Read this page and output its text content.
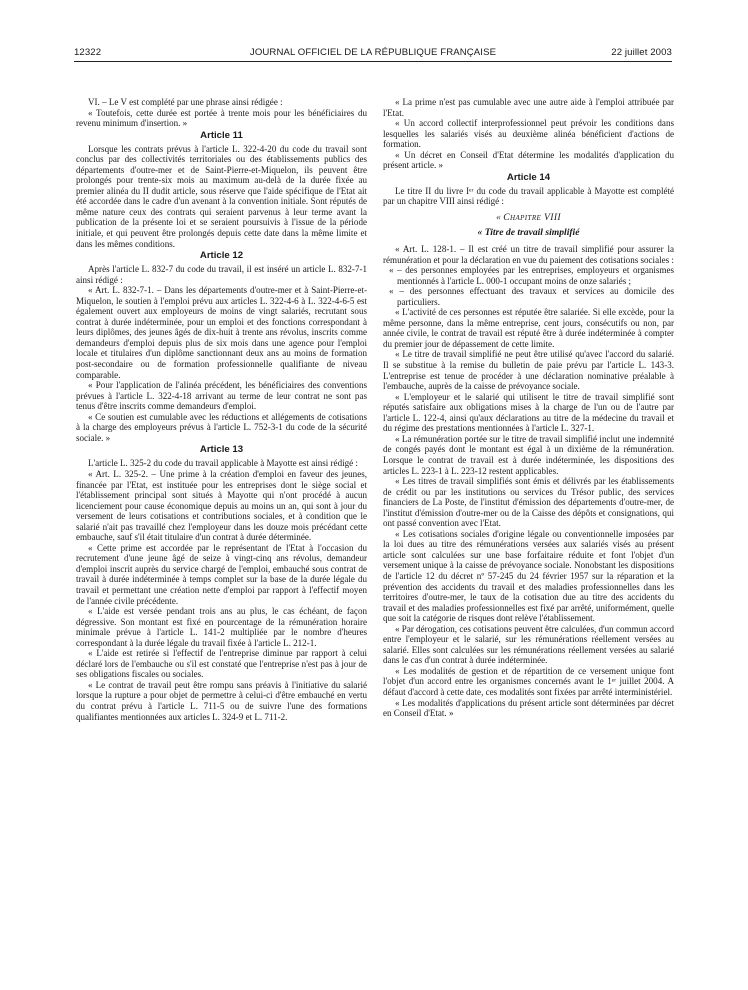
12322	JOURNAL OFFICIEL DE LA RÉPUBLIQUE FRANÇAISE	22 juillet 2003

VI. – Le V est complété par une phrase ainsi rédigée :

« Toutefois, cette durée est portée à trente mois pour les bénéficiaires du revenu minimum d'insertion. »

Article 11

Lorsque les contrats prévus à l'article L. 322-4-20 du code du travail sont conclus par des collectivités territoriales ou des établissements publics des départements d'outre-mer et de Saint-Pierre-et-Miquelon, ils peuvent être prolongés pour trente-six mois au maximum au-delà de la durée fixée au premier alinéa du II dudit article, sous réserve que l'aide spécifique de l'Etat ait été accordée dans le cadre d'un avenant à la convention initiale. Sont réputés de même nature ceux des contrats qui seraient parvenus à leur terme avant la publication de la présente loi et se seraient poursuivis à l'issue de la période initiale, et qui peuvent être prolongés depuis cette date dans la même limite et dans les mêmes conditions.

Article 12

Après l'article L. 832-7 du code du travail, il est inséré un article L. 832-7-1 ainsi rédigé :

« Art. L. 832-7-1. – Dans les départements d'outre-mer et à Saint-Pierre-et-Miquelon, le soutien à l'emploi prévu aux articles L. 322-4-6 à L. 322-4-6-5 est également ouvert aux employeurs de moins de vingt salariés, recrutant sous contrat à durée indéterminée, pour un emploi et des fonctions correspondant à leurs diplômes, des jeunes âgés de dix-huit à trente ans révolus, inscrits comme demandeurs d'emploi depuis plus de six mois dans une agence pour l'emploi locale et titulaires d'un diplôme sanctionnant deux ans au moins de formation post-secondaire ou de formation professionnelle qualifiante de niveau comparable.

« Pour l'application de l'alinéa précédent, les bénéficiaires des conventions prévues à l'article L. 322-4-18 arrivant au terme de leur contrat ne sont pas tenus d'être inscrits comme demandeurs d'emploi.

« Ce soutien est cumulable avec les réductions et allégements de cotisations à la charge des employeurs prévus à l'article L. 752-3-1 du code de la sécurité sociale. »

Article 13

L'article L. 325-2 du code du travail applicable à Mayotte est ainsi rédigé :

« Art. L. 325-2. – Une prime à la création d'emploi en faveur des jeunes, financée par l'Etat, est instituée pour les entreprises dont le siège social et l'établissement principal sont situés à Mayotte qui n'ont procédé à aucun licenciement pour cause économique depuis au moins un an, qui sont à jour du versement de leurs cotisations et contributions sociales, et à condition que le salarié n'ait pas travaillé chez l'employeur dans les douze mois précédant cette embauche, sauf s'il était titulaire d'un contrat à durée déterminée.

« Cette prime est accordée par le représentant de l'Etat à l'occasion du recrutement d'une jeune âgé de seize à vingt-cinq ans révolus, demandeur d'emploi inscrit auprès du service chargé de l'emploi, embauché sous contrat de travail à durée indéterminée à temps complet sur la base de la durée légale du travail et permettant une création nette d'emploi par rapport à l'effectif moyen de l'année civile précédente.

« L'aide est versée pendant trois ans au plus, le cas échéant, de façon dégressive. Son montant est fixé en pourcentage de la rémunération horaire minimale prévue à l'article L. 141-2 multipliée par le nombre d'heures correspondant à la durée légale du travail fixée à l'article L. 212-1.

« L'aide est retirée si l'effectif de l'entreprise diminue par rapport à celui déclaré lors de l'embauche ou s'il est constaté que l'entreprise n'est pas à jour de ses obligations fiscales ou sociales.

« Le contrat de travail peut être rompu sans préavis à l'initiative du salarié lorsque la rupture a pour objet de permettre à celui-ci d'être embauché en vertu du contrat prévu à l'article L. 711-5 ou de suivre l'une des formations qualifiantes mentionnées aux articles L. 324-9 et L. 711-2.

« La prime n'est pas cumulable avec une autre aide à l'emploi attribuée par l'Etat.

« Un accord collectif interprofessionnel peut prévoir les conditions dans lesquelles les salariés visés au deuxième alinéa bénéficient d'actions de formation.

« Un décret en Conseil d'Etat détermine les modalités d'application du présent article. »

Article 14

Le titre II du livre Iᵉʳ du code du travail applicable à Mayotte est complété par un chapitre VIII ainsi rédigé :

« Chapitre VIII
« Titre de travail simplifié

« Art. L. 128-1. – Il est créé un titre de travail simplifié pour assurer la rémunération et pour la déclaration en vue du paiement des cotisations sociales :

« – des personnes employées par les entreprises, employeurs et organismes mentionnés à l'article L. 000-1 occupant moins de onze salariés ;

« – des personnes effectuant des travaux et services au domicile des particuliers.

« L'activité de ces personnes est réputée être salariée. Si elle excède, pour la même personne, dans la même entreprise, cent jours, consécutifs ou non, par année civile, le contrat de travail est réputé être à durée indéterminée à compter du premier jour de dépassement de cette limite.

« Le titre de travail simplifié ne peut être utilisé qu'avec l'accord du salarié. Il se substitue à la remise du bulletin de paie prévu par l'article L. 143-3. L'entreprise est tenue de procéder à une déclaration nominative préalable à l'embauche, auprès de la caisse de prévoyance sociale.

« L'employeur et le salarié qui utilisent le titre de travail simplifié sont réputés satisfaire aux obligations mises à la charge de l'un ou de l'autre par l'article L. 122-4, ainsi qu'aux déclarations au titre de la médecine du travail et du régime des prestations mentionnées à l'article L. 327-1.

« La rémunération portée sur le titre de travail simplifié inclut une indemnité de congés payés dont le montant est égal à un dixième de la rémunération. Lorsque le contrat de travail est à durée indéterminée, les dispositions des articles L. 223-1 à L. 223-12 restent applicables.

« Les titres de travail simplifiés sont émis et délivrés par les établissements de crédit ou par les institutions ou services du Trésor public, des services financiers de La Poste, de l'institut d'émission des départements d'outre-mer, de l'institut d'émission d'outre-mer ou de la Caisse des dépôts et consignations, qui ont passé convention avec l'Etat.

« Les cotisations sociales d'origine légale ou conventionnelle imposées par la loi dues au titre des rémunérations versées aux salariés visés au présent article sont calculées sur une base forfaitaire réduite et font l'objet d'un versement unique à la caisse de prévoyance sociale. Nonobstant les dispositions de l'article 12 du décret nº 57-245 du 24 février 1957 sur la réparation et la prévention des accidents du travail et des maladies professionnelles dans les territoires d'outre-mer, le taux de la cotisation due au titre des accidents du travail et des maladies professionnelles est fixé par arrêté, uniformément, quelle que soit la catégorie de risques dont relève l'établissement.

« Par dérogation, ces cotisations peuvent être calculées, d'un commun accord entre l'employeur et le salarié, sur les rémunérations réellement versées au salarié. Elles sont calculées sur les rémunérations réellement versées au salarié dans le cas d'un contrat à durée indéterminée.

« Les modalités de gestion et de répartition de ce versement unique font l'objet d'un accord entre les organismes concernés avant le 1ᵉʳ juillet 2004. A défaut d'accord à cette date, ces modalités sont fixées par arrêté interministériel.

« Les modalités d'applications du présent article sont déterminées par décret en Conseil d'Etat. »
